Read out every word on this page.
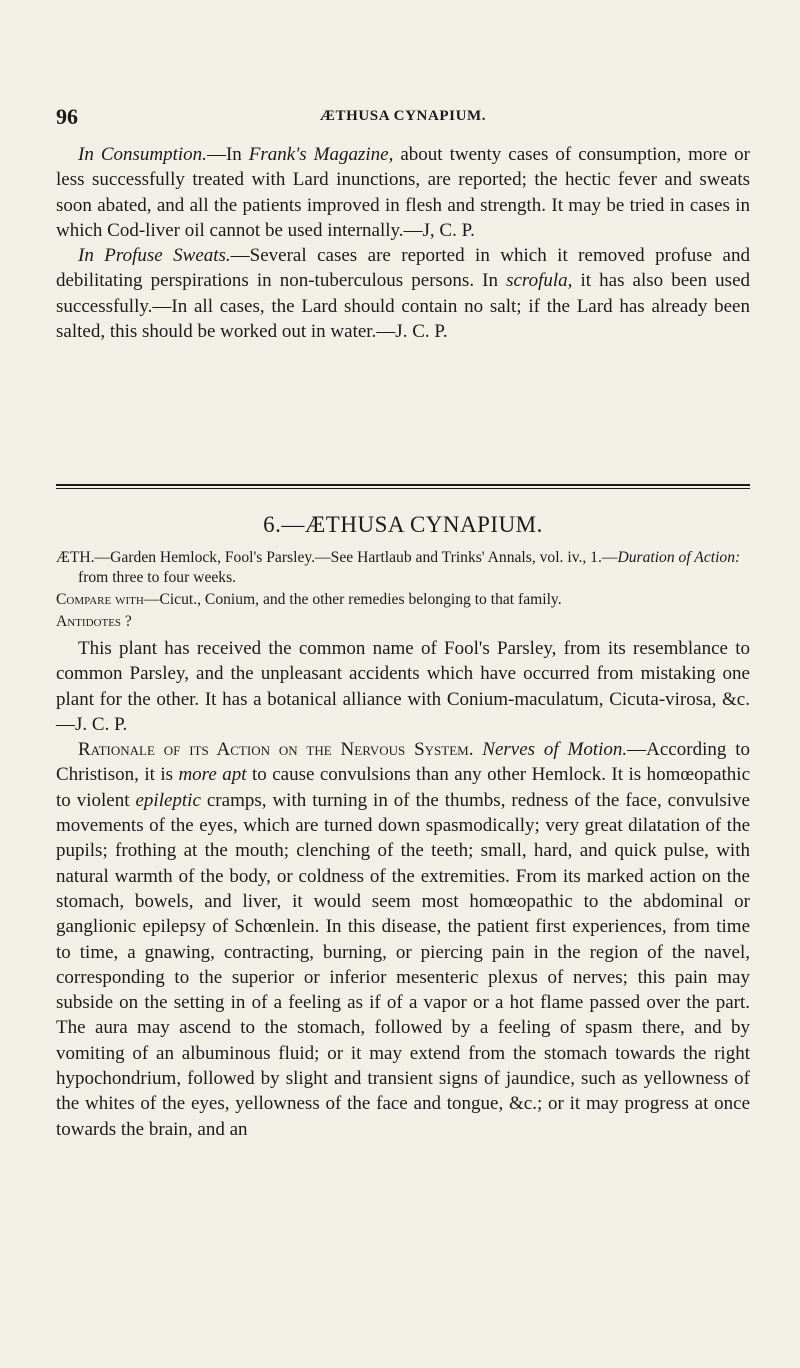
96	ÆTHUSA CYNAPIUM.

In Consumption.—In Frank's Magazine, about twenty cases of consumption, more or less successfully treated with Lard inunctions, are reported; the hectic fever and sweats soon abated, and all the patients improved in flesh and strength. It may be tried in cases in which Cod-liver oil cannot be used internally.—J, C. P.

In Profuse Sweats.—Several cases are reported in which it removed profuse and debilitating perspirations in non-tuberculous persons. In scrofula, it has also been used successfully.—In all cases, the Lard should contain no salt; if the Lard has already been salted, this should be worked out in water.—J. C. P.

6.—ÆTHUSA CYNAPIUM.

ÆTH.—Garden Hemlock, Fool's Parsley.—See Hartlaub and Trinks' Annals, vol. iv., 1.—Duration of Action: from three to four weeks.

Compare with—Cicut., Conium, and the other remedies belonging to that family.

Antidotes ?

This plant has received the common name of Fool's Parsley, from its resemblance to common Parsley, and the unpleasant accidents which have occurred from mistaking one plant for the other. It has a botanical alliance with Conium-maculatum, Cicuta-virosa, &c.—J. C. P.

Rationale of its Action on the Nervous System. Nerves of Motion.—According to Christison, it is more apt to cause convulsions than any other Hemlock. It is homœopathic to violent epileptic cramps, with turning in of the thumbs, redness of the face, convulsive movements of the eyes, which are turned down spasmodically; very great dilatation of the pupils; frothing at the mouth; clenching of the teeth; small, hard, and quick pulse, with natural warmth of the body, or coldness of the extremities. From its marked action on the stomach, bowels, and liver, it would seem most homœopathic to the abdominal or ganglionic epilepsy of Schœnlein. In this disease, the patient first experiences, from time to time, a gnawing, contracting, burning, or piercing pain in the region of the navel, corresponding to the superior or inferior mesenteric plexus of nerves; this pain may subside on the setting in of a feeling as if of a vapor or a hot flame passed over the part. The aura may ascend to the stomach, followed by a feeling of spasm there, and by vomiting of an albuminous fluid; or it may extend from the stomach towards the right hypochondrium, followed by slight and transient signs of jaundice, such as yellowness of the whites of the eyes, yellowness of the face and tongue, &c.; or it may progress at once towards the brain, and an
